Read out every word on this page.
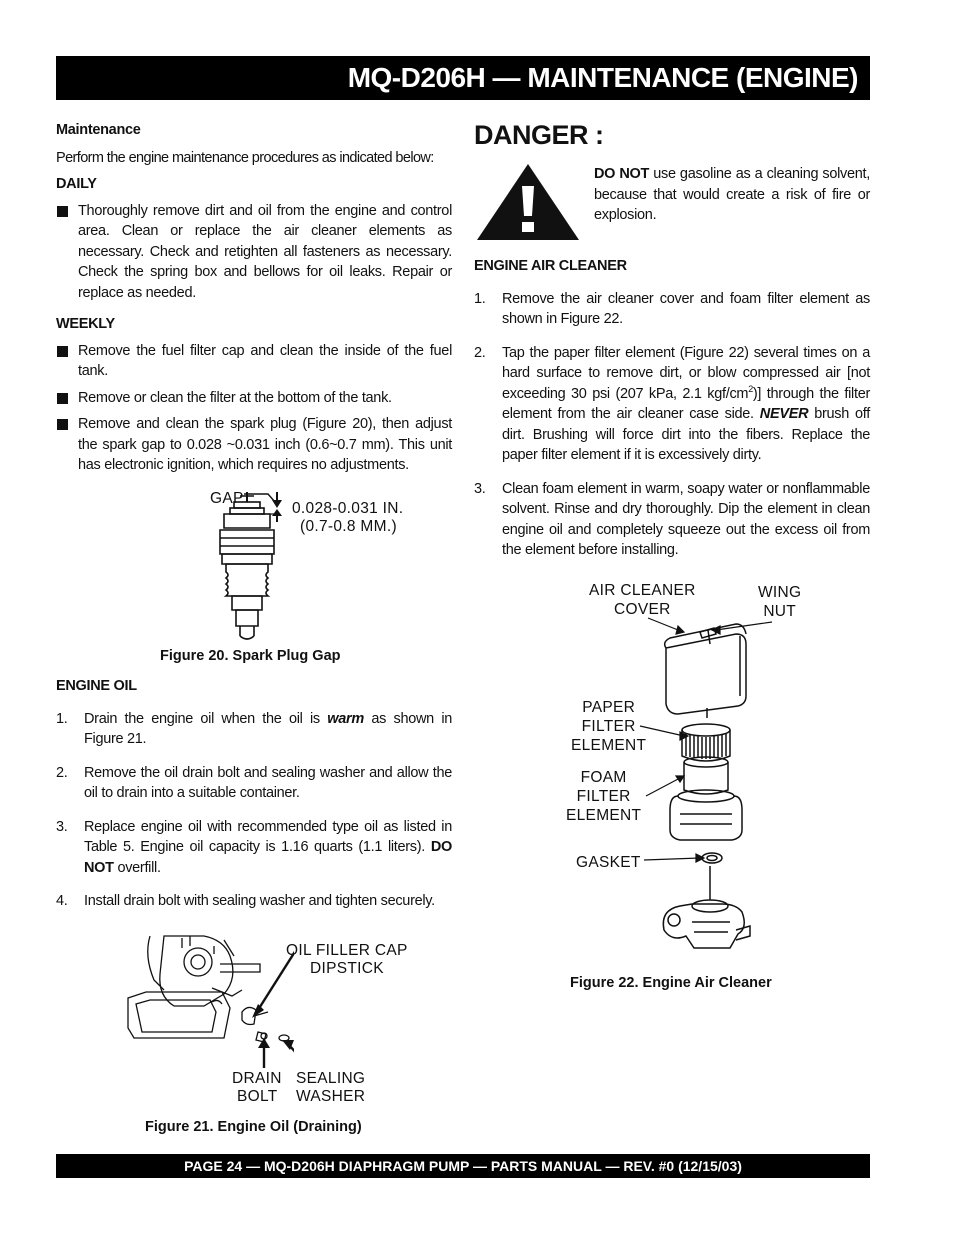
MQ-D206H — MAINTENANCE (ENGINE)

Maintenance

Perform the engine maintenance procedures as indicated below:

DAILY

Thoroughly remove dirt and oil from the engine and control area. Clean or replace the air cleaner elements as necessary. Check and retighten all fasteners as necessary. Check the spring box and bellows for oil leaks. Repair or replace as needed.

WEEKLY

Remove the fuel filter cap and clean the inside of the fuel tank.
Remove or clean the filter at the bottom of the tank.
Remove and clean the spark plug (Figure 20), then adjust the spark gap to 0.028 ~0.031 inch (0.6~0.7 mm). This unit has electronic ignition, which requires no adjustments.
GAP
0.028-0.031 IN.
(0.7-0.8 MM.)
Figure 20. Spark Plug Gap

ENGINE OIL

1. Drain the engine oil when the oil is warm as shown in Figure 21.
2. Remove the oil drain bolt and sealing washer and allow the oil to drain into a suitable container.
3. Replace engine oil with recommended type oil as listed in Table 5. Engine oil capacity is 1.16 quarts (1.1 liters). DO NOT overfill.
4. Install drain bolt with sealing washer and tighten securely.
OIL FILLER CAP
DIPSTICK
DRAIN
BOLT
SEALING
WASHER
Figure 21. Engine Oil (Draining)
DANGER :
DO NOT use gasoline as a cleaning solvent, because that would create a risk of fire or explosion.

ENGINE AIR CLEANER

1. Remove the air cleaner cover and foam filter element as shown in Figure 22.
2. Tap the paper filter element (Figure 22) several times on a hard surface to remove dirt, or blow compressed air [not exceeding 30 psi (207 kPa, 2.1 kgf/$cm^2$)] through the filter element from the air cleaner case side. NEVER brush off dirt. Brushing will force dirt into the fibers. Replace the paper filter element if it is excessively dirty.
3. Clean foam element in warm, soapy water or nonflammable solvent. Rinse and dry thoroughly. Dip the element in clean engine oil and completely squeeze out the excess oil from the element before installing.
AIR CLEANER
COVER
WING
NUT
PAPER
FILTER
ELEMENT
FOAM
FILTER
ELEMENT
GASKET
Figure 22. Engine Air Cleaner
PAGE 24 — MQ-D206H DIAPHRAGM PUMP — PARTS MANUAL — REV. #0 (12/15/03)
